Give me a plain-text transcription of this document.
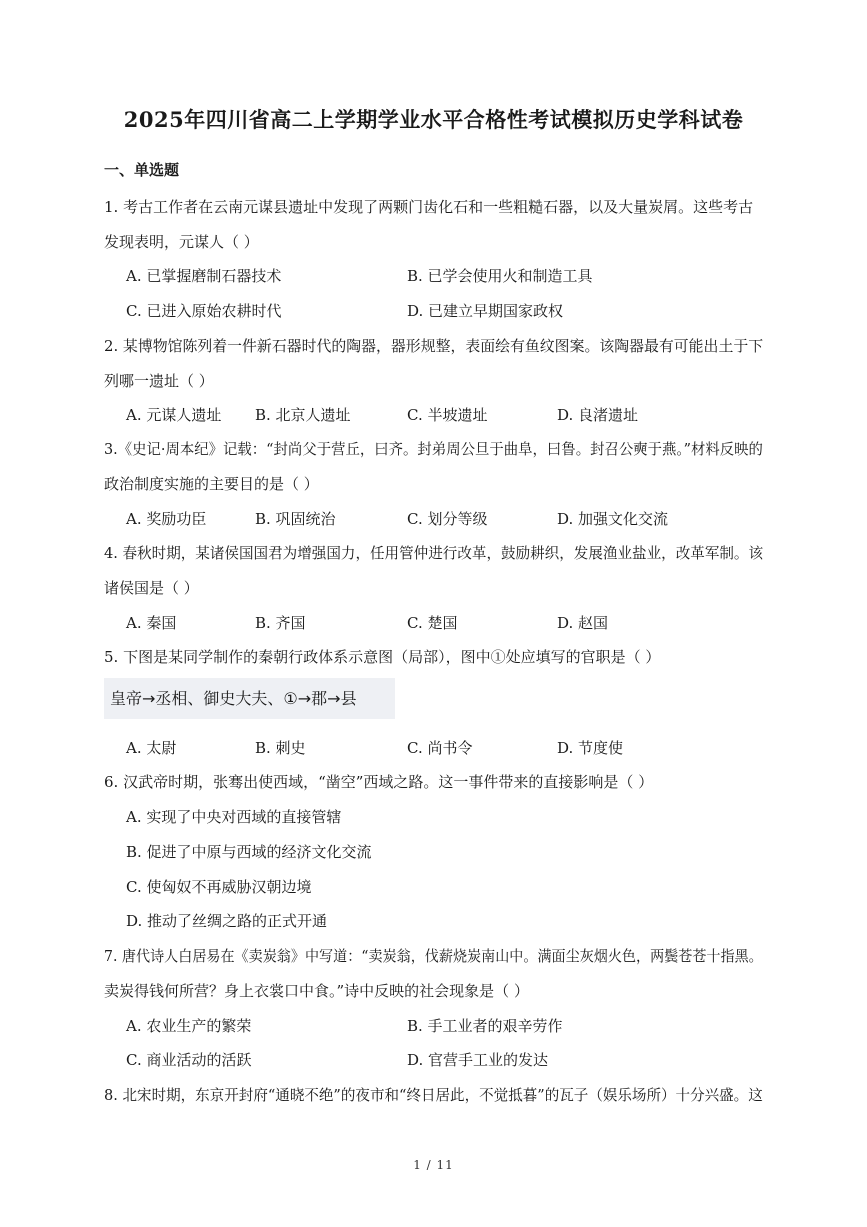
2025年四川省高二上学期学业水平合格性考试模拟历史学科试卷
一、单选题
1. 考古工作者在云南元谋县遗址中发现了两颗门齿化石和一些粗糙石器，以及大量炭屑。这些考古
发现表明，元谋人（ ）
A. 已掌握磨制石器技术	B. 已学会使用火和制造工具
C. 已进入原始农耕时代	D. 已建立早期国家政权
2. 某博物馆陈列着一件新石器时代的陶器，器形规整，表面绘有鱼纹图案。该陶器最有可能出土于下
列哪一遗址（ ）
A. 元谋人遗址 B. 北京人遗址	C. 半坡遗址	D. 良渚遗址
3.《史记·周本纪》记载：“封尚父于营丘，曰齐。封弟周公旦于曲阜，曰鲁。封召公奭于燕。”材料反映的
政治制度实施的主要目的是（ ）
A. 奖励功臣	B. 巩固统治	C. 划分等级	D. 加强文化交流
4. 春秋时期，某诸侯国国君为增强国力，任用管仲进行改革，鼓励耕织，发展渔业盐业，改革军制。该
诸侯国是（ ）
A. 秦国	B. 齐国	C. 楚国	D. 赵国
5. 下图是某同学制作的秦朝行政体系示意图（局部），图中①处应填写的官职是（ ）
皇帝→丞相、御史大夫、①→郡→县
A. 太尉	B. 刺史	C. 尚书令	D. 节度使
6. 汉武帝时期，张骞出使西域，“凿空”西域之路。这一事件带来的直接影响是（ ）
A. 实现了中央对西域的直接管辖
B. 促进了中原与西域的经济文化交流
C. 使匈奴不再威胁汉朝边境
D. 推动了丝绸之路的正式开通
7. 唐代诗人白居易在《卖炭翁》中写道：“卖炭翁，伐薪烧炭南山中。满面尘灰烟火色，两鬓苍苍十指黑。
卖炭得钱何所营？身上衣裳口中食。”诗中反映的社会现象是（ ）
A. 农业生产的繁荣	B. 手工业者的艰辛劳作
C. 商业活动的活跃	D. 官营手工业的发达
8. 北宋时期，东京开封府“通晓不绝”的夜市和“终日居此，不觉抵暮”的瓦子（娱乐场所）十分兴盛。这
1 / 11
